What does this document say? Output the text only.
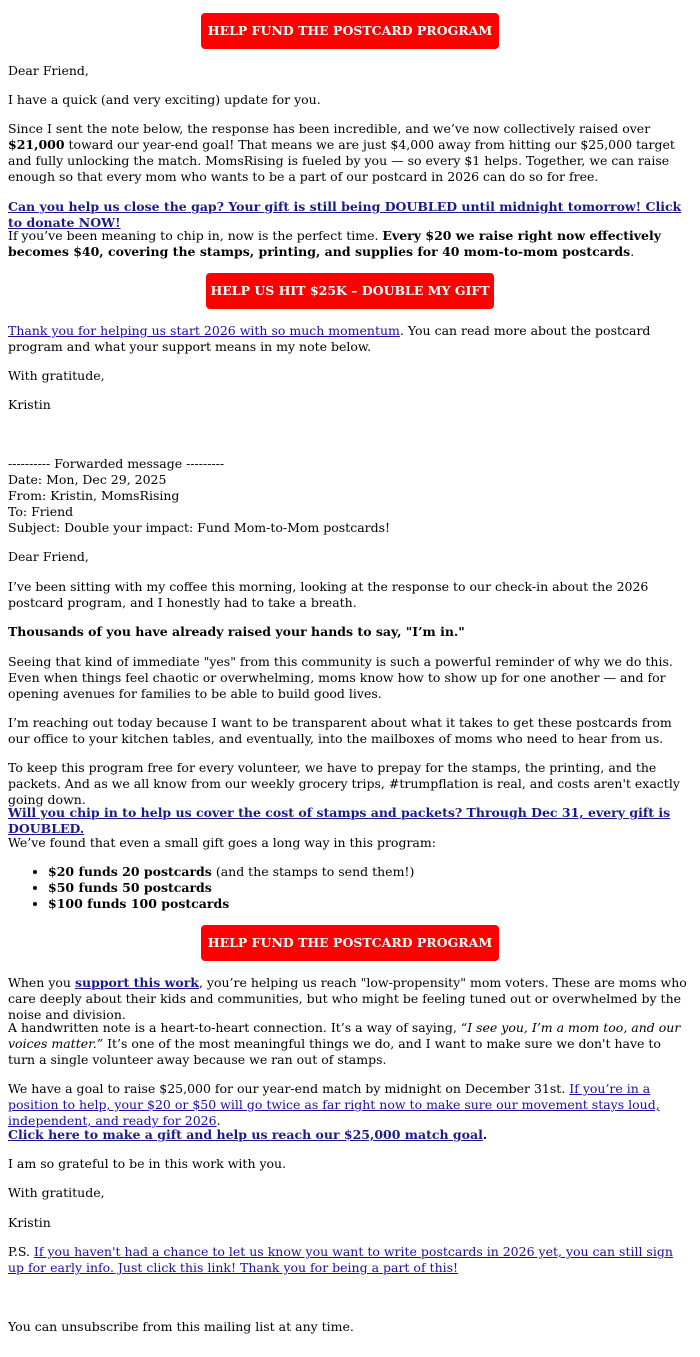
HELP FUND THE POSTCARD PROGRAM

Dear Friend,

I have a quick (and very exciting) update for you.

Since I sent the note below, the response has been incredible, and we’ve now collectively raised over $21,000 toward our year-end goal! That means we are just $4,000 away from hitting our $25,000 target and fully unlocking the match. MomsRising is fueled by you — so every $1 helps. Together, we can raise enough so that every mom who wants to be a part of our postcard in 2026 can do so for free.

Can you help us close the gap? Your gift is still being DOUBLED until midnight tomorrow! Click to donate NOW!

If you’ve been meaning to chip in, now is the perfect time. Every $20 we raise right now effectively becomes $40, covering the stamps, printing, and supplies for 40 mom-to-mom postcards.

HELP US HIT $25K – DOUBLE MY GIFT

Thank you for helping us start 2026 with so much momentum. You can read more about the postcard program and what your support means in my note below.

With gratitude,

Kristin

---------- Forwarded message ---------
Date: Mon, Dec 29, 2025
From: Kristin, MomsRising
To: Friend
Subject: Double your impact: Fund Mom-to-Mom postcards!

Dear Friend,

I’ve been sitting with my coffee this morning, looking at the response to our check-in about the 2026 postcard program, and I honestly had to take a breath.

Thousands of you have already raised your hands to say, "I’m in."

Seeing that kind of immediate "yes" from this community is such a powerful reminder of why we do this. Even when things feel chaotic or overwhelming, moms know how to show up for one another — and for opening avenues for families to be able to build good lives.

I’m reaching out today because I want to be transparent about what it takes to get these postcards from our office to your kitchen tables, and eventually, into the mailboxes of moms who need to hear from us.

To keep this program free for every volunteer, we have to prepay for the stamps, the printing, and the packets. And as we all know from our weekly grocery trips, #trumpflation is real, and costs aren't exactly going down.

Will you chip in to help us cover the cost of stamps and packets? Through Dec 31, every gift is DOUBLED.

We’ve found that even a small gift goes a long way in this program:

• $20 funds 20 postcards (and the stamps to send them!)
• $50 funds 50 postcards
• $100 funds 100 postcards
HELP FUND THE POSTCARD PROGRAM

When you support this work, you’re helping us reach "low-propensity" mom voters. These are moms who care deeply about their kids and communities, but who might be feeling tuned out or overwhelmed by the noise and division.

A handwritten note is a heart-to-heart connection. It’s a way of saying, “I see you, I’m a mom too, and our voices matter.” It’s one of the most meaningful things we do, and I want to make sure we don't have to turn a single volunteer away because we ran out of stamps.

We have a goal to raise $25,000 for our year-end match by midnight on December 31st. If you’re in a position to help, your $20 or $50 will go twice as far right now to make sure our movement stays loud, independent, and ready for 2026.

Click here to make a gift and help us reach our $25,000 match goal.

I am so grateful to be in this work with you.

With gratitude,

Kristin

P.S. If you haven't had a chance to let us know you want to write postcards in 2026 yet, you can still sign up for early info. Just click this link! Thank you for being a part of this!

You can unsubscribe from this mailing list at any time.
